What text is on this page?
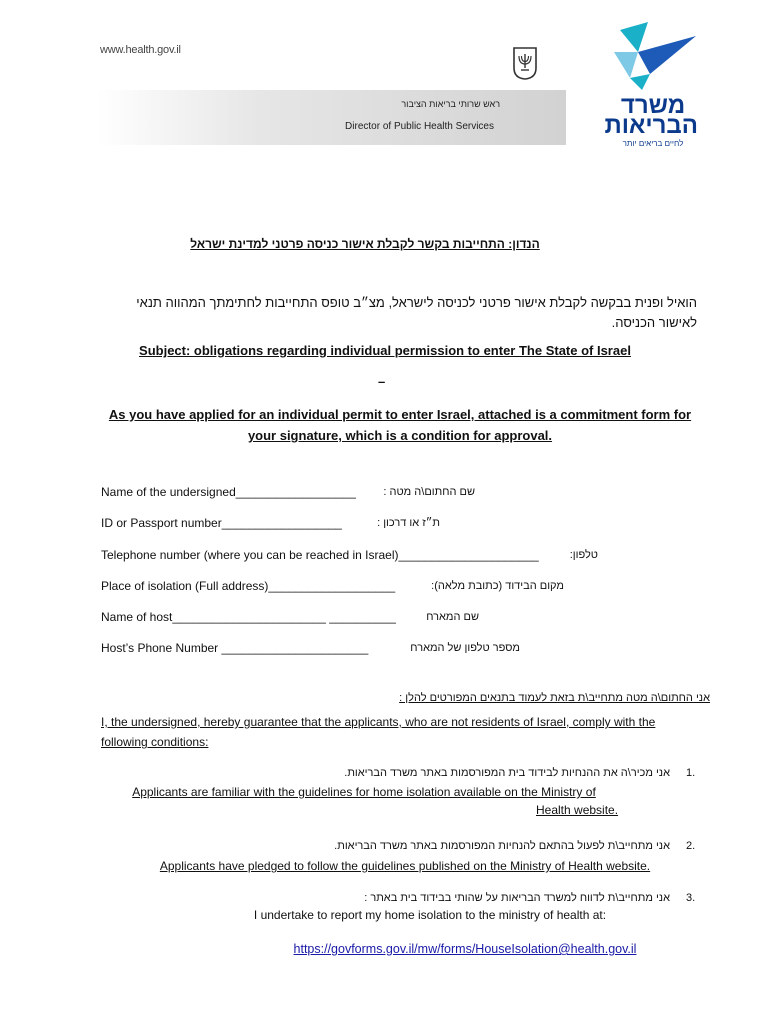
www.health.gov.il
משרד
הבריאות
לחיים בריאים יותר
ראש שרותי בריאות הציבור
Director of Public Health Services
הנדון: התחייבות בקשר לקבלת אישור כניסה פרטני למדינת ישראל
הואיל ופנית בבקשה לקבלת אישור פרטני לכניסה לישראל, מצ״ב טופס התחייבות לחתימתך המהווה תנאי לאישור הכניסה.
Subject: obligations regarding individual permission to enter The State of Israel
–
As you have applied for an individual permit to enter Israel, attached is a commitment form for your signature, which is a condition for approval.
Name of the undersigned__________________	שם החתום\ה מטה :
ID or Passport number__________________	ת״ז או דרכון :
Telephone number (where you can be reached in Israel)_____________________	טלפון:
Place of isolation (Full address)___________________	מקום הבידוד (כתובת מלאה):
Name of host_______________________ __________	שם המארח
Host’s Phone Number ______________________	מספר טלפון של המארח
אני החתום\ה מטה מתחייב\ת בזאת לעמוד בתנאים המפורטים להלן :
I, the undersigned, hereby guarantee that the applicants, who are not residents of Israel, comply with the following conditions:
1.
אני מכיר\ה את ההנחיות לבידוד בית המפורסמות באתר משרד הבריאות.
Applicants are familiar with the guidelines for home isolation available on the Ministry of
Health website.
2.
אני מתחייב\ת לפעול בהתאם להנחיות המפורסמות באתר משרד הבריאות.
Applicants have pledged to follow the guidelines published on the Ministry of Health website.
3.
אני מתחייב\ת לדווח למשרד הבריאות על שהותי בבידוד בית באתר :
I undertake to report my home isolation to the ministry of health at:
https://govforms.gov.il/mw/forms/HouseIsolation@health.gov.il
